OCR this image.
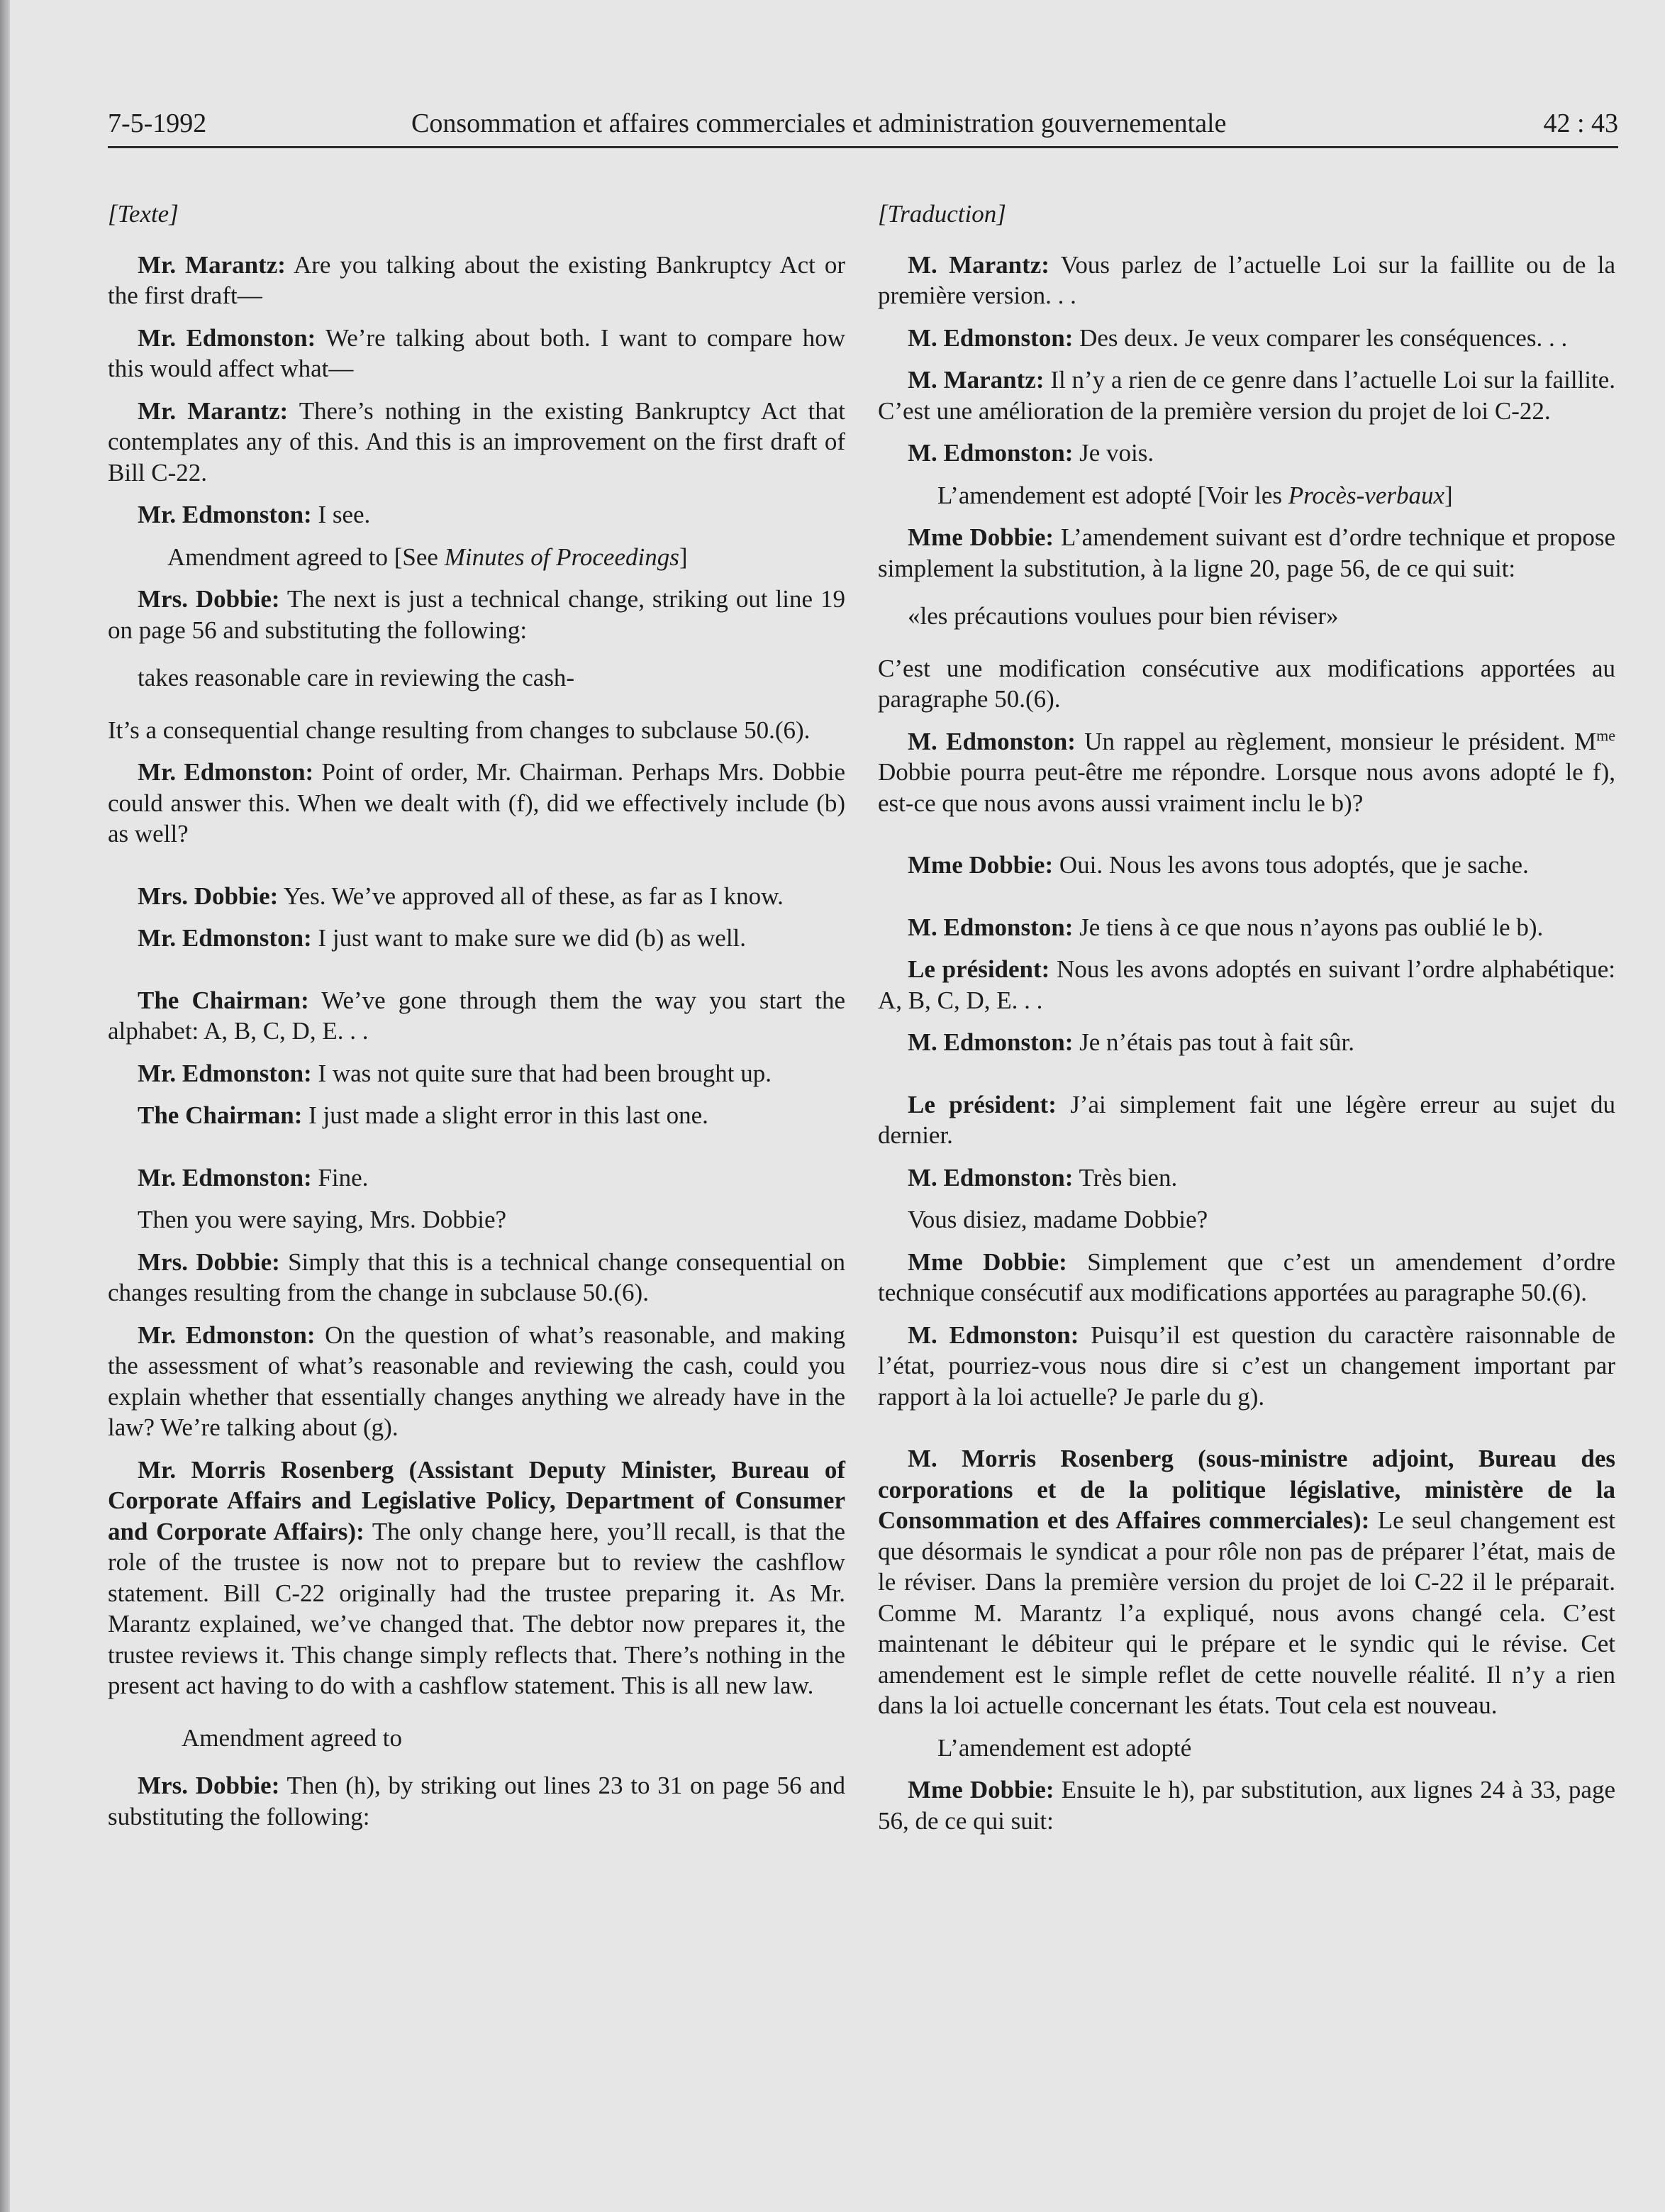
7-5-1992	Consommation et affaires commerciales et administration gouvernementale	42 : 43

[Texte]

Mr. Marantz: Are you talking about the existing Bankruptcy Act or the first draft—

Mr. Edmonston: We’re talking about both. I want to compare how this would affect what—

Mr. Marantz: There’s nothing in the existing Bankruptcy Act that contemplates any of this. And this is an improvement on the first draft of Bill C-22.

Mr. Edmonston: I see.

Amendment agreed to [See Minutes of Proceedings]

Mrs. Dobbie: The next is just a technical change, striking out line 19 on page 56 and substituting the following:

takes reasonable care in reviewing the cash-

It’s a consequential change resulting from changes to subclause 50.(6).

Mr. Edmonston: Point of order, Mr. Chairman. Perhaps Mrs. Dobbie could answer this. When we dealt with (f), did we effectively include (b) as well?

Mrs. Dobbie: Yes. We’ve approved all of these, as far as I know.

Mr. Edmonston: I just want to make sure we did (b) as well.

The Chairman: We’ve gone through them the way you start the alphabet: A, B, C, D, E. . .

Mr. Edmonston: I was not quite sure that had been brought up.

The Chairman: I just made a slight error in this last one.

Mr. Edmonston: Fine.

Then you were saying, Mrs. Dobbie?

Mrs. Dobbie: Simply that this is a technical change consequential on changes resulting from the change in subclause 50.(6).

Mr. Edmonston: On the question of what’s reasonable, and making the assessment of what’s reasonable and reviewing the cash, could you explain whether that essentially changes anything we already have in the law? We’re talking about (g).

Mr. Morris Rosenberg (Assistant Deputy Minister, Bureau of Corporate Affairs and Legislative Policy, Department of Consumer and Corporate Affairs): The only change here, you’ll recall, is that the role of the trustee is now not to prepare but to review the cashflow statement. Bill C-22 originally had the trustee preparing it. As Mr. Marantz explained, we’ve changed that. The debtor now prepares it, the trustee reviews it. This change simply reflects that. There’s nothing in the present act having to do with a cashflow statement. This is all new law.

Amendment agreed to

Mrs. Dobbie: Then (h), by striking out lines 23 to 31 on page 56 and substituting the following:

[Traduction]

M. Marantz: Vous parlez de l’actuelle Loi sur la faillite ou de la première version. . .

M. Edmonston: Des deux. Je veux comparer les conséquences. . .

M. Marantz: Il n’y a rien de ce genre dans l’actuelle Loi sur la faillite. C’est une amélioration de la première version du projet de loi C-22.

M. Edmonston: Je vois.

L’amendement est adopté [Voir les Procès-verbaux]

Mme Dobbie: L’amendement suivant est d’ordre technique et propose simplement la substitution, à la ligne 20, page 56, de ce qui suit:

«les précautions voulues pour bien réviser»

C’est une modification consécutive aux modifications apportées au paragraphe 50.(6).

M. Edmonston: Un rappel au règlement, monsieur le président. $M^{me}$ Dobbie pourra peut-être me répondre. Lorsque nous avons adopté le f), est-ce que nous avons aussi vraiment inclu le b)?

Mme Dobbie: Oui. Nous les avons tous adoptés, que je sache.

M. Edmonston: Je tiens à ce que nous n’ayons pas oublié le b).

Le président: Nous les avons adoptés en suivant l’ordre alphabétique: A, B, C, D, E. . .

M. Edmonston: Je n’étais pas tout à fait sûr.

Le président: J’ai simplement fait une légère erreur au sujet du dernier.

M. Edmonston: Très bien.

Vous disiez, madame Dobbie?

Mme Dobbie: Simplement que c’est un amendement d’ordre technique consécutif aux modifications apportées au paragraphe 50.(6).

M. Edmonston: Puisqu’il est question du caractère raisonnable de l’état, pourriez-vous nous dire si c’est un changement important par rapport à la loi actuelle? Je parle du g).

M. Morris Rosenberg (sous-ministre adjoint, Bureau des corporations et de la politique législative, ministère de la Consommation et des Affaires commerciales): Le seul changement est que désormais le syndicat a pour rôle non pas de préparer l’état, mais de le réviser. Dans la première version du projet de loi C-22 il le préparait. Comme M. Marantz l’a expliqué, nous avons changé cela. C’est maintenant le débiteur qui le prépare et le syndic qui le révise. Cet amendement est le simple reflet de cette nouvelle réalité. Il n’y a rien dans la loi actuelle concernant les états. Tout cela est nouveau.

L’amendement est adopté

Mme Dobbie: Ensuite le h), par substitution, aux lignes 24 à 33, page 56, de ce qui suit:
